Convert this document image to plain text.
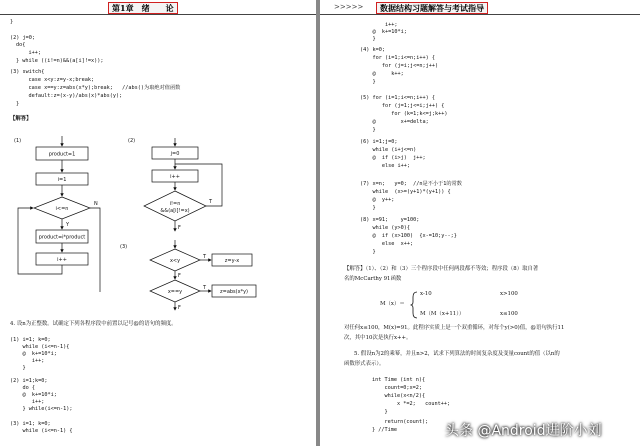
第1章　绪　　论
}
(2) j=0;
do{
i++;
} while ((i!=n)&&(a[i]!=x));
(3) switch{
case x<y:z=y-x;break;
case x==y:z=abs(x*y);break;   //abs()为取绝对值函数
default:z=(x-y)/abs(x)*abs(y);
}
【解答】
(1)	(2)
(3)
product=1
i=1
i<=n
product=i*product
i++
Y
N
j=0
i++
i!=n
&&(a[i]!=x)
T
F
x<y	z=y-x
T
F
x==y	z=abs(x*y)
T
F
4. 设n为正整数。试确定下列各程序段中前置以记号@的语句的频度。
(1) i=1; k=0;
while (i<=n-1){
@  k+=10*i;
i++;
}
(2) i=1;k=0;
do {
@  k+=10*i;
i++;
} while(i<=n-1);
(3) i=1; k=0;
while (i<=n-1) {
>>>>>	数据结构习题解答与考试指导
i++;
@  k+=10*i;
}
(4) k=0;
for (i=1;i<=n;i++) {
for (j=i;j<=n;j++)
@     k++;
}
(5) for (i=1;i<=n;i++) {
for (j=1;j<=i;j++) {
for (k=1;k<=j;k++)
@        x+=delta;
}
(6) i=1;j=0;
while (i+j<=n)
@  if (i>j)  j++;
else i++;
(7) x=n;   y=0;  //n是不小于1的常数
while  (x>=(y+1)*(y+1)) {
@  y++;
}
(8) x=91;    y=100;
while (y>0){
@  if (x>100)  {x-=10;y--;}
else  x++;
}
【解答】（1）、（2）和（3）三个程序段中任何两段都不等效；程序段（8）取自著
名的McCarthy 91函数
M（x）＝
x-10	x>100
M（M（x+11））	x≤100
对任何x≤100，M(x)=91。此程序实质上是一个双重循环，对每个y(>0)值，@语句执行11
次，其中10次是执行x++。
5. 假设n为2的乘幂，并且n>2，试求下列算法的时间复杂度及变量count的值（以n的
函数形式表示）。
int Time (int n){
count=0;x=2;
while(x<n/2){
x *=2;   count++;
}
return(count);
} //Time	头条 @Android进阶小刘
